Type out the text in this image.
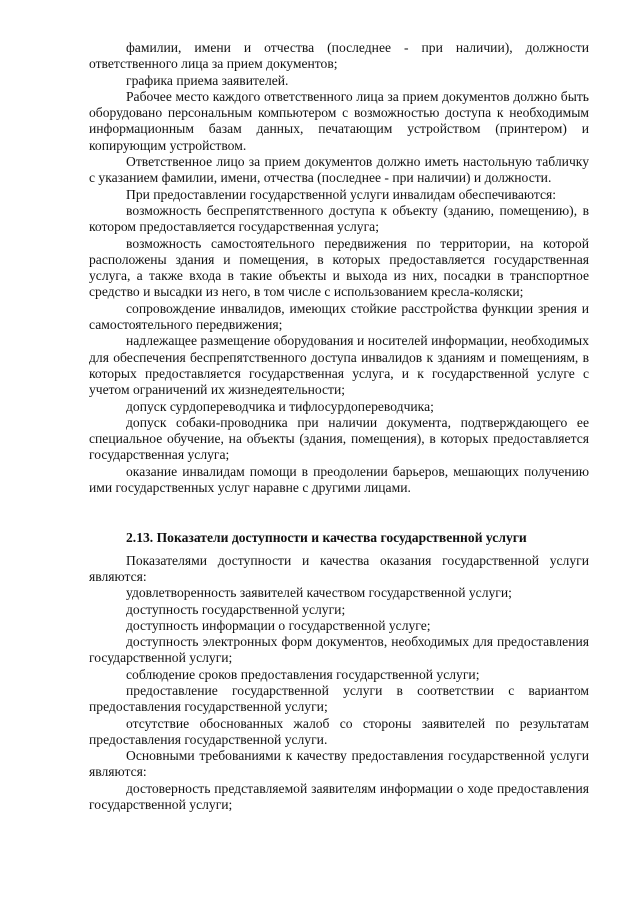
фамилии, имени и отчества (последнее - при наличии), должности ответственного лица за прием документов;

графика приема заявителей.

Рабочее место каждого ответственного лица за прием документов должно быть оборудовано персональным компьютером с возможностью доступа к необходимым информационным базам данных, печатающим устройством (принтером) и копирующим устройством.

Ответственное лицо за прием документов должно иметь настольную табличку с указанием фамилии, имени, отчества (последнее - при наличии) и должности.

При предоставлении государственной услуги инвалидам обеспечиваются:

возможность беспрепятственного доступа к объекту (зданию, помещению), в котором предоставляется государственная услуга;

возможность самостоятельного передвижения по территории, на которой расположены здания и помещения, в которых предоставляется государственная услуга, а также входа в такие объекты и выхода из них, посадки в транспортное средство и высадки из него, в том числе с использованием кресла-коляски;

сопровождение инвалидов, имеющих стойкие расстройства функции зрения и самостоятельного передвижения;

надлежащее размещение оборудования и носителей информации, необходимых для обеспечения беспрепятственного доступа инвалидов к зданиям и помещениям, в которых предоставляется государственная услуга, и к государственной услуге с учетом ограничений их жизнедеятельности;

допуск сурдопереводчика и тифлосурдопереводчика;

допуск собаки-проводника при наличии документа, подтверждающего ее специальное обучение, на объекты (здания, помещения), в которых предоставляется государственная услуга;

оказание инвалидам помощи в преодолении барьеров, мешающих получению ими государственных услуг наравне с другими лицами.

2.13. Показатели доступности и качества государственной услуги

Показателями доступности и качества оказания государственной услуги являются:

удовлетворенность заявителей качеством государственной услуги;

доступность государственной услуги;

доступность информации о государственной услуге;

доступность электронных форм документов, необходимых для предоставления государственной услуги;

соблюдение сроков предоставления государственной услуги;

предоставление государственной услуги в соответствии с вариантом предоставления государственной услуги;

отсутствие обоснованных жалоб со стороны заявителей по результатам предоставления государственной услуги.

Основными требованиями к качеству предоставления государственной услуги являются:

достоверность представляемой заявителям информации о ходе предоставления государственной услуги;
